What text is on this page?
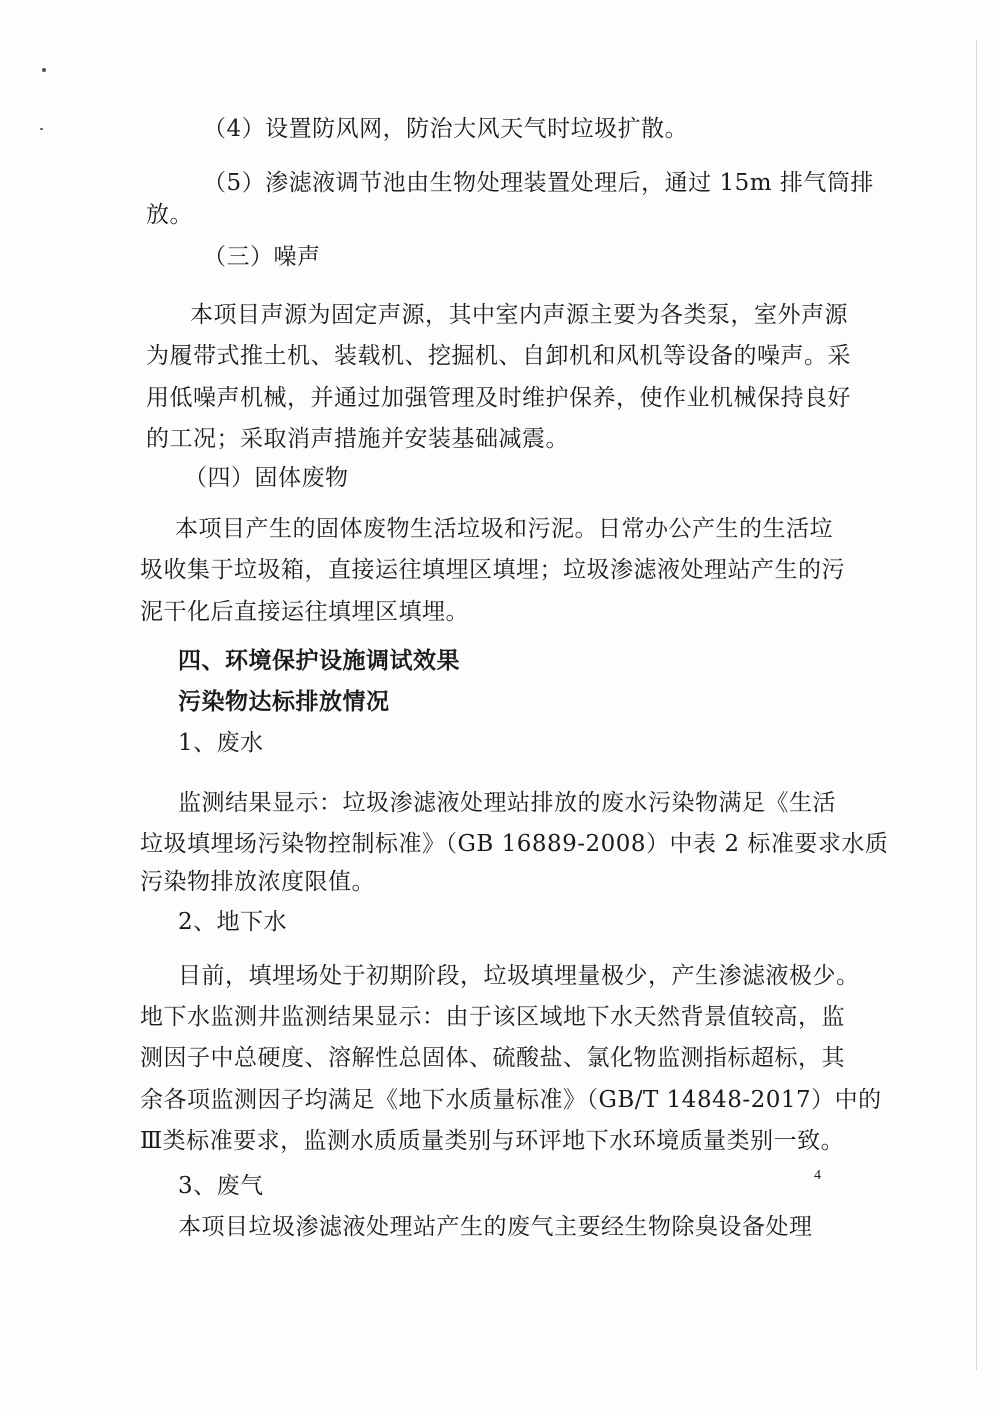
（4）设置防风网，防治大风天气时垃圾扩散。
（5）渗滤液调节池由生物处理装置处理后，通过 15m 排气筒排
放。
（三）噪声
本项目声源为固定声源，其中室内声源主要为各类泵，室外声源
为履带式推土机、装载机、挖掘机、自卸机和风机等设备的噪声。采
用低噪声机械，并通过加强管理及时维护保养，使作业机械保持良好
的工况；采取消声措施并安装基础减震。
（四）固体废物
本项目产生的固体废物生活垃圾和污泥。日常办公产生的生活垃
圾收集于垃圾箱，直接运往填埋区填埋；垃圾渗滤液处理站产生的污
泥干化后直接运往填埋区填埋。
四、环境保护设施调试效果
污染物达标排放情况
1、废水
监测结果显示：垃圾渗滤液处理站排放的废水污染物满足《生活
垃圾填埋场污染物控制标准》（GB 16889-2008）中表 2 标准要求水质
污染物排放浓度限值。
2、地下水
目前，填埋场处于初期阶段，垃圾填埋量极少，产生渗滤液极少。
地下水监测井监测结果显示：由于该区域地下水天然背景值较高，监
测因子中总硬度、溶解性总固体、硫酸盐、氯化物监测指标超标，其
余各项监测因子均满足《地下水质量标准》（GB/T 14848-2017）中的
Ⅲ类标准要求，监测水质质量类别与环评地下水环境质量类别一致。
3、废气
本项目垃圾渗滤液处理站产生的废气主要经生物除臭设备处理
4
